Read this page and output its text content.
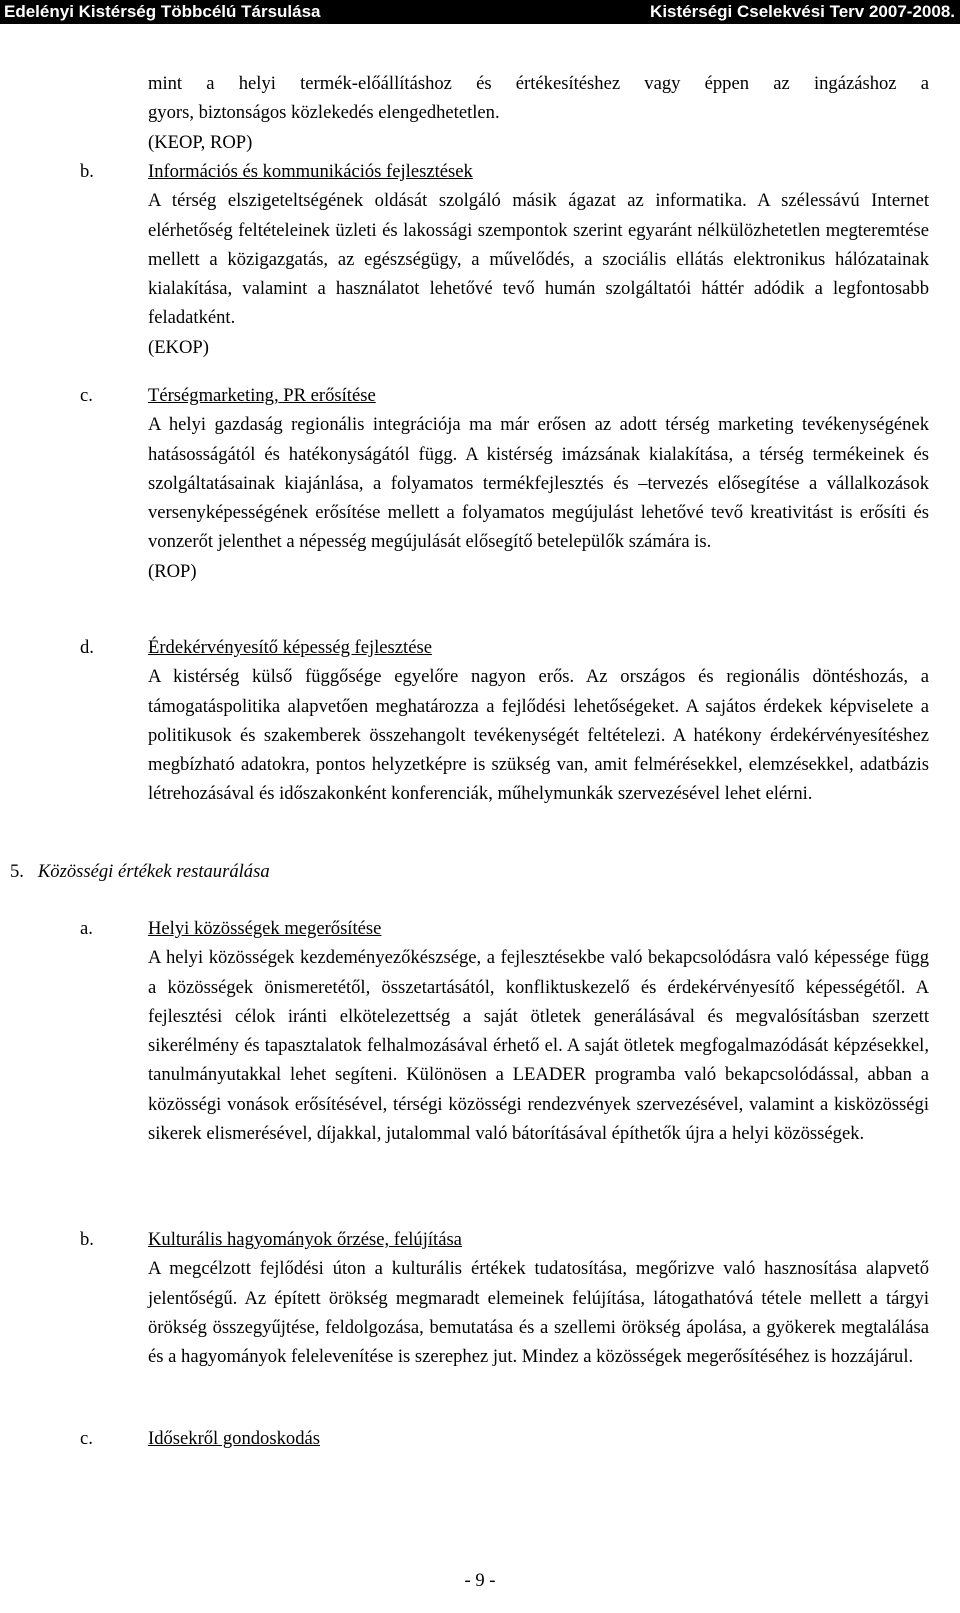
Edelényi Kistérség Többcélú Társulása	Kistérségi Cselekvési Terv 2007-2008.

mint a helyi termék-előállításhoz és értékesítéshez vagy éppen az ingázáshoz a

gyors, biztonságos közlekedés elengedhetetlen.

(KEOP, ROP)

b.	Információs és kommunikációs fejlesztések

A térség elszigeteltségének oldását szolgáló másik ágazat az informatika. A szélessávú Internet elérhetőség feltételeinek üzleti és lakossági szempontok szerint egyaránt nélkülözhetetlen megteremtése mellett a közigazgatás, az egészségügy, a művelődés, a szociális ellátás elektronikus hálózatainak kialakítása, valamint a használatot lehetővé tevő humán szolgáltatói háttér adódik a legfontosabb feladatként.

(EKOP)

c.	Térségmarketing, PR erősítése

A helyi gazdaság regionális integrációja ma már erősen az adott térség marketing tevékenységének hatásosságától és hatékonyságától függ. A kistérség imázsának kialakítása, a térség termékeinek és szolgáltatásainak kiajánlása, a folyamatos termékfejlesztés és –tervezés elősegítése a vállalkozások versenyképességének erősítése mellett a folyamatos megújulást lehetővé tevő kreativitást is erősíti és vonzerőt jelenthet a népesség megújulását elősegítő betelepülők számára is.

(ROP)

d.	Érdekérvényesítő képesség fejlesztése

A kistérség külső függősége egyelőre nagyon erős. Az országos és regionális döntéshozás, a támogatáspolitika alapvetően meghatározza a fejlődési lehetőségeket. A sajátos érdekek képviselete a politikusok és szakemberek összehangolt tevékenységét feltételezi. A hatékony érdekérvényesítéshez megbízható adatokra, pontos helyzetképre is szükség van, amit felmérésekkel, elemzésekkel, adatbázis létrehozásával és időszakonként konferenciák, műhelymunkák szervezésével lehet elérni.

5. Közösségi értékek restaurálása
a.	Helyi közösségek megerősítése

A helyi közösségek kezdeményezőkészsége, a fejlesztésekbe való bekapcsolódásra való képessége függ a közösségek önismeretétől, összetartásától, konfliktuskezelő és érdekérvényesítő képességétől. A fejlesztési célok iránti elkötelezettség a saját ötletek generálásával és megvalósításban szerzett sikerélmény és tapasztalatok felhalmozásával érhető el. A saját ötletek megfogalmazódását képzésekkel, tanulmányutakkal lehet segíteni. Különösen a LEADER programba való bekapcsolódással, abban a közösségi vonások erősítésével, térségi közösségi rendezvények szervezésével, valamint a kisközösségi sikerek elismerésével, díjakkal, jutalommal való bátorításával építhetők újra a helyi közösségek.

b.	Kulturális hagyományok őrzése, felújítása

A megcélzott fejlődési úton a kulturális értékek tudatosítása, megőrizve való hasznosítása alapvető jelentőségű. Az épített örökség megmaradt elemeinek felújítása, látogathatóvá tétele mellett a tárgyi örökség összegyűjtése, feldolgozása, bemutatása és a szellemi örökség ápolása, a gyökerek megtalálása és a hagyományok felelevenítése is szerephez jut. Mindez a közösségek megerősítéséhez is hozzájárul.

c.	Idősekről gondoskodás

- 9 -
